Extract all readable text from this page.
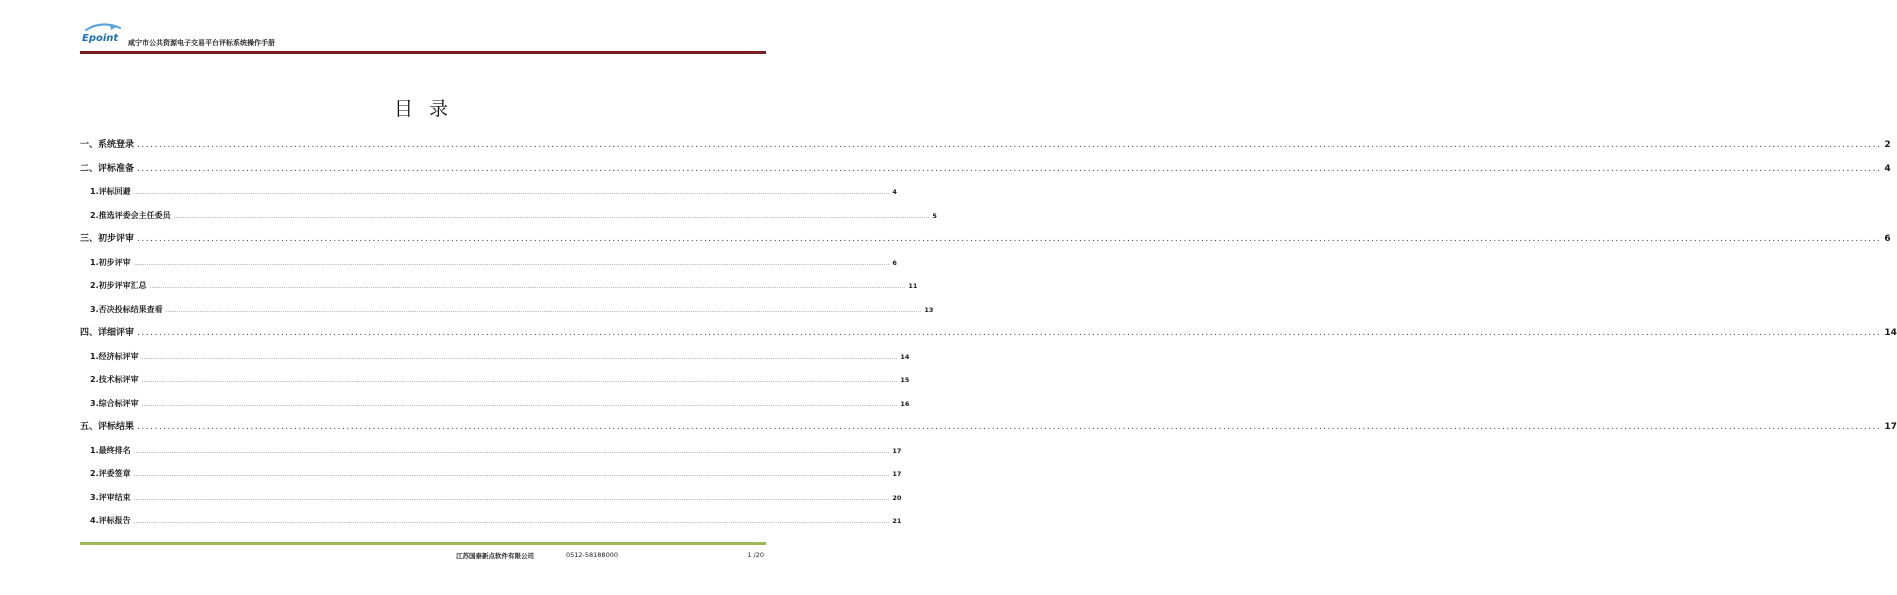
Epoint 咸宁市公共资源电子交易平台评标系统操作手册
目录
一、 系统登录 ................................................................................................................................................................................................................................................................................................................................................................................................................ 2
二、 评标准备 ................................................................................................................................................................................................................................................................................................................................................................................................................ 4
1. 评标回避 ................................................................................................................................................................................................................................................................................................................................................................................................................ 4
2. 推选评委会主任委员 ................................................................................................................................................................................................................................................................................................................................................................................................................ 5
三、 初步评审 ................................................................................................................................................................................................................................................................................................................................................................................................................ 6
1. 初步评审 ................................................................................................................................................................................................................................................................................................................................................................................................................ 6
2. 初步评审汇总 ................................................................................................................................................................................................................................................................................................................................................................................................................ 11
3. 否决投标结果查看 ................................................................................................................................................................................................................................................................................................................................................................................................................ 13
四、 详细评审 ................................................................................................................................................................................................................................................................................................................................................................................................................ 14
1. 经济标评审 ................................................................................................................................................................................................................................................................................................................................................................................................................ 14
2. 技术标评审 ................................................................................................................................................................................................................................................................................................................................................................................................................ 15
3. 综合标评审 ................................................................................................................................................................................................................................................................................................................................................................................................................ 16
五、 评标结果 ................................................................................................................................................................................................................................................................................................................................................................................................................ 17
1. 最终排名 ................................................................................................................................................................................................................................................................................................................................................................................................................ 17
2. 评委签章 ................................................................................................................................................................................................................................................................................................................................................................................................................ 17
3. 评审结束 ................................................................................................................................................................................................................................................................................................................................................................................................................ 20
4. 评标报告 ................................................................................................................................................................................................................................................................................................................................................................................................................ 21
江苏国泰新点软件有限公司	0512-58188000	1 /20
